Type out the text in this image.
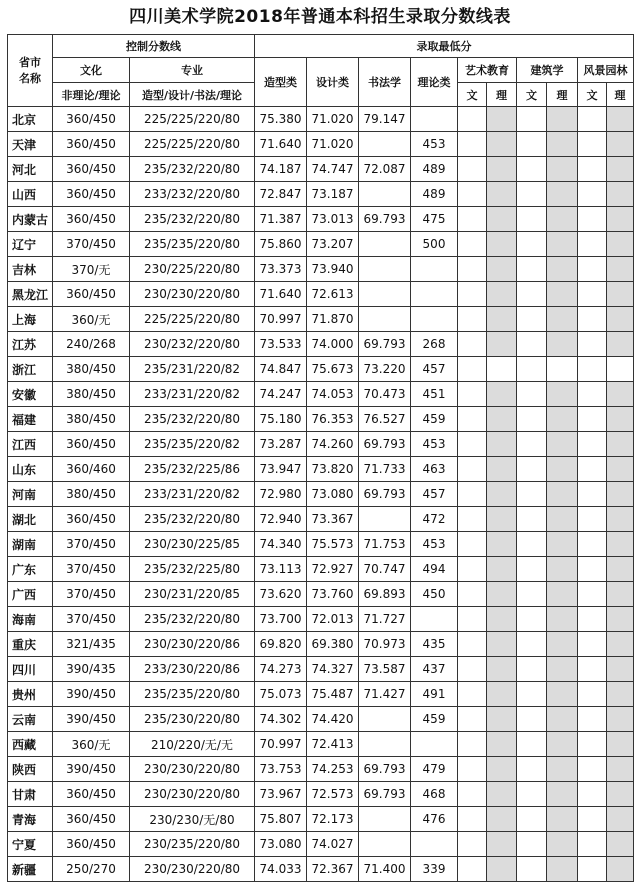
四川美术学院2018年普通本科招生录取分数线表
省市名称	控制分数线		录取最低分									
	文化	专业	造型类	设计类	书法学	理论类	艺术教育		建筑学		风景园林	
	非理论/理论	造型/设计/书法/理论					文	理	文	理	文	理
北京	360/450	225/225/220/80	75.380	71.020	79.147							
天津	360/450	225/225/220/80	71.640	71.020		453						
河北	360/450	235/232/220/80	74.187	74.747	72.087	489						
山西	360/450	233/232/220/80	72.847	73.187		489						
内蒙古	360/450	235/232/220/80	71.387	73.013	69.793	475						
辽宁	370/450	235/235/220/80	75.860	73.207		500						
吉林	370/无	230/225/220/80	73.373	73.940								
黑龙江	360/450	230/230/220/80	71.640	72.613								
上海	360/无	225/225/220/80	70.997	71.870								
江苏	240/268	230/232/220/80	73.533	74.000	69.793	268						
浙江	380/450	235/231/220/82	74.847	75.673	73.220	457						
安徽	380/450	233/231/220/82	74.247	74.053	70.473	451						
福建	380/450	235/232/220/80	75.180	76.353	76.527	459						
江西	360/450	235/235/220/82	73.287	74.260	69.793	453						
山东	360/460	235/232/225/86	73.947	73.820	71.733	463						
河南	380/450	233/231/220/82	72.980	73.080	69.793	457						
湖北	360/450	235/232/220/80	72.940	73.367		472						
湖南	370/450	230/230/225/85	74.340	75.573	71.753	453						
广东	370/450	235/232/225/80	73.113	72.927	70.747	494						
广西	370/450	230/231/220/85	73.620	73.760	69.893	450						
海南	370/450	235/232/220/80	73.700	72.013	71.727							
重庆	321/435	230/230/220/86	69.820	69.380	70.973	435						
四川	390/435	233/230/220/86	74.273	74.327	73.587	437						
贵州	390/450	235/235/220/80	75.073	75.487	71.427	491						
云南	390/450	235/230/220/80	74.302	74.420		459						
西藏	360/无	210/220/无/无	70.997	72.413								
陕西	390/450	230/230/220/80	73.753	74.253	69.793	479						
甘肃	360/450	230/230/220/80	73.967	72.573	69.793	468						
青海	360/450	230/230/无/80	75.807	72.173		476						
宁夏	360/450	230/235/220/80	73.080	74.027								
新疆	250/270	230/230/220/80	74.033	72.367	71.400	339						
